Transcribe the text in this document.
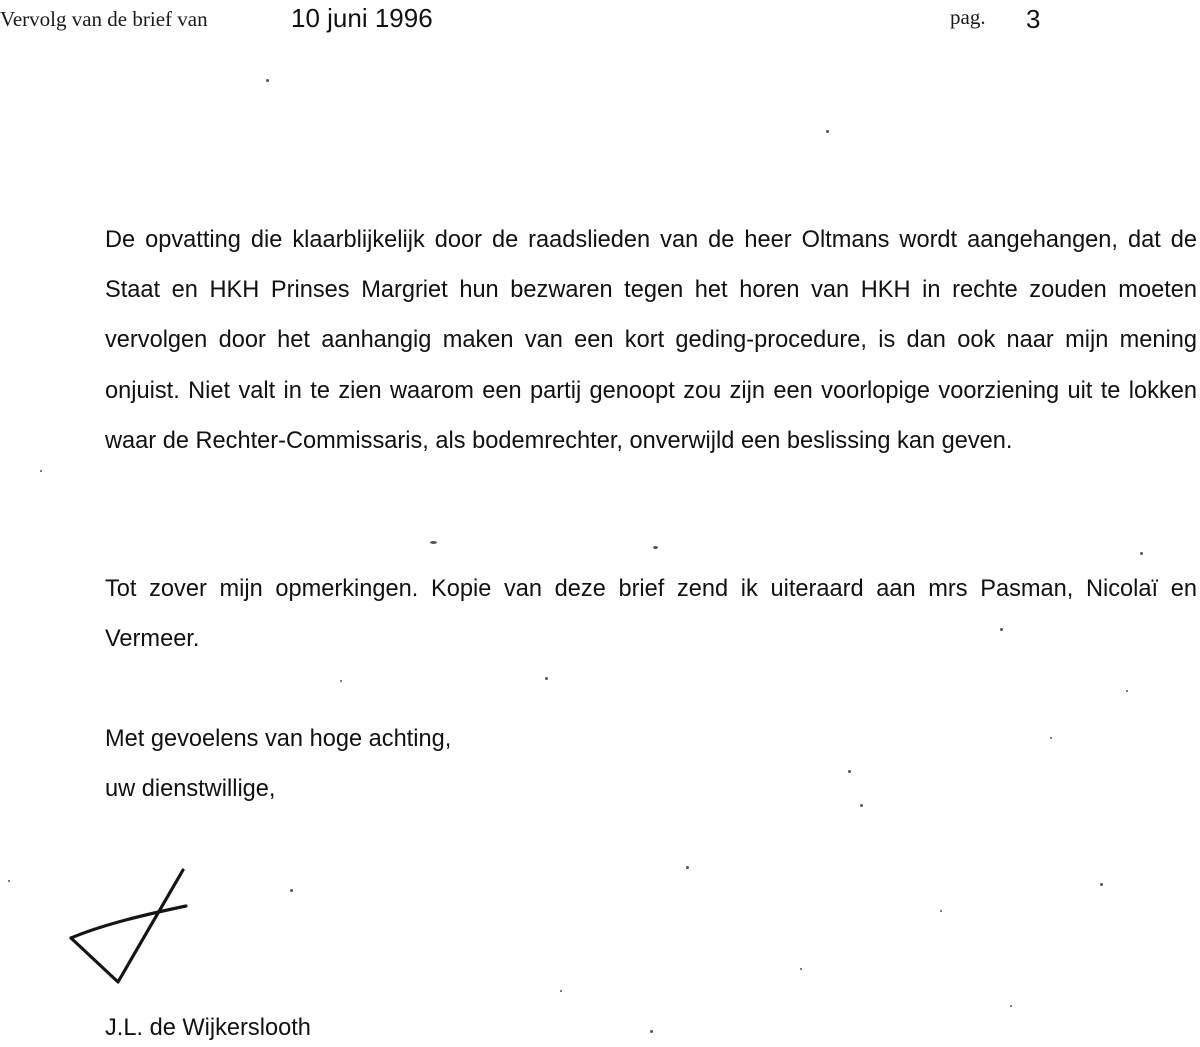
Vervolg van de brief van	10 juni 1996	pag. 3

De opvatting die klaarblijkelijk door de raadslieden van de heer Oltmans wordt aangehangen, dat de Staat en HKH Prinses Margriet hun bezwaren tegen het horen van HKH in rechte zouden moeten vervolgen door het aanhangig maken van een kort geding-procedure, is dan ook naar mijn mening onjuist. Niet valt in te zien waarom een partij genoopt zou zijn een voorlopige voorziening uit te lokken waar de Rechter-Commissaris, als bodemrechter, onverwijld een beslissing kan geven.

Tot zover mijn opmerkingen. Kopie van deze brief zend ik uiteraard aan mrs Pasman, Nicolaï en Vermeer.

Met gevoelens van hoge achting,
uw dienstwillige,
J.L. de Wijkerslooth
